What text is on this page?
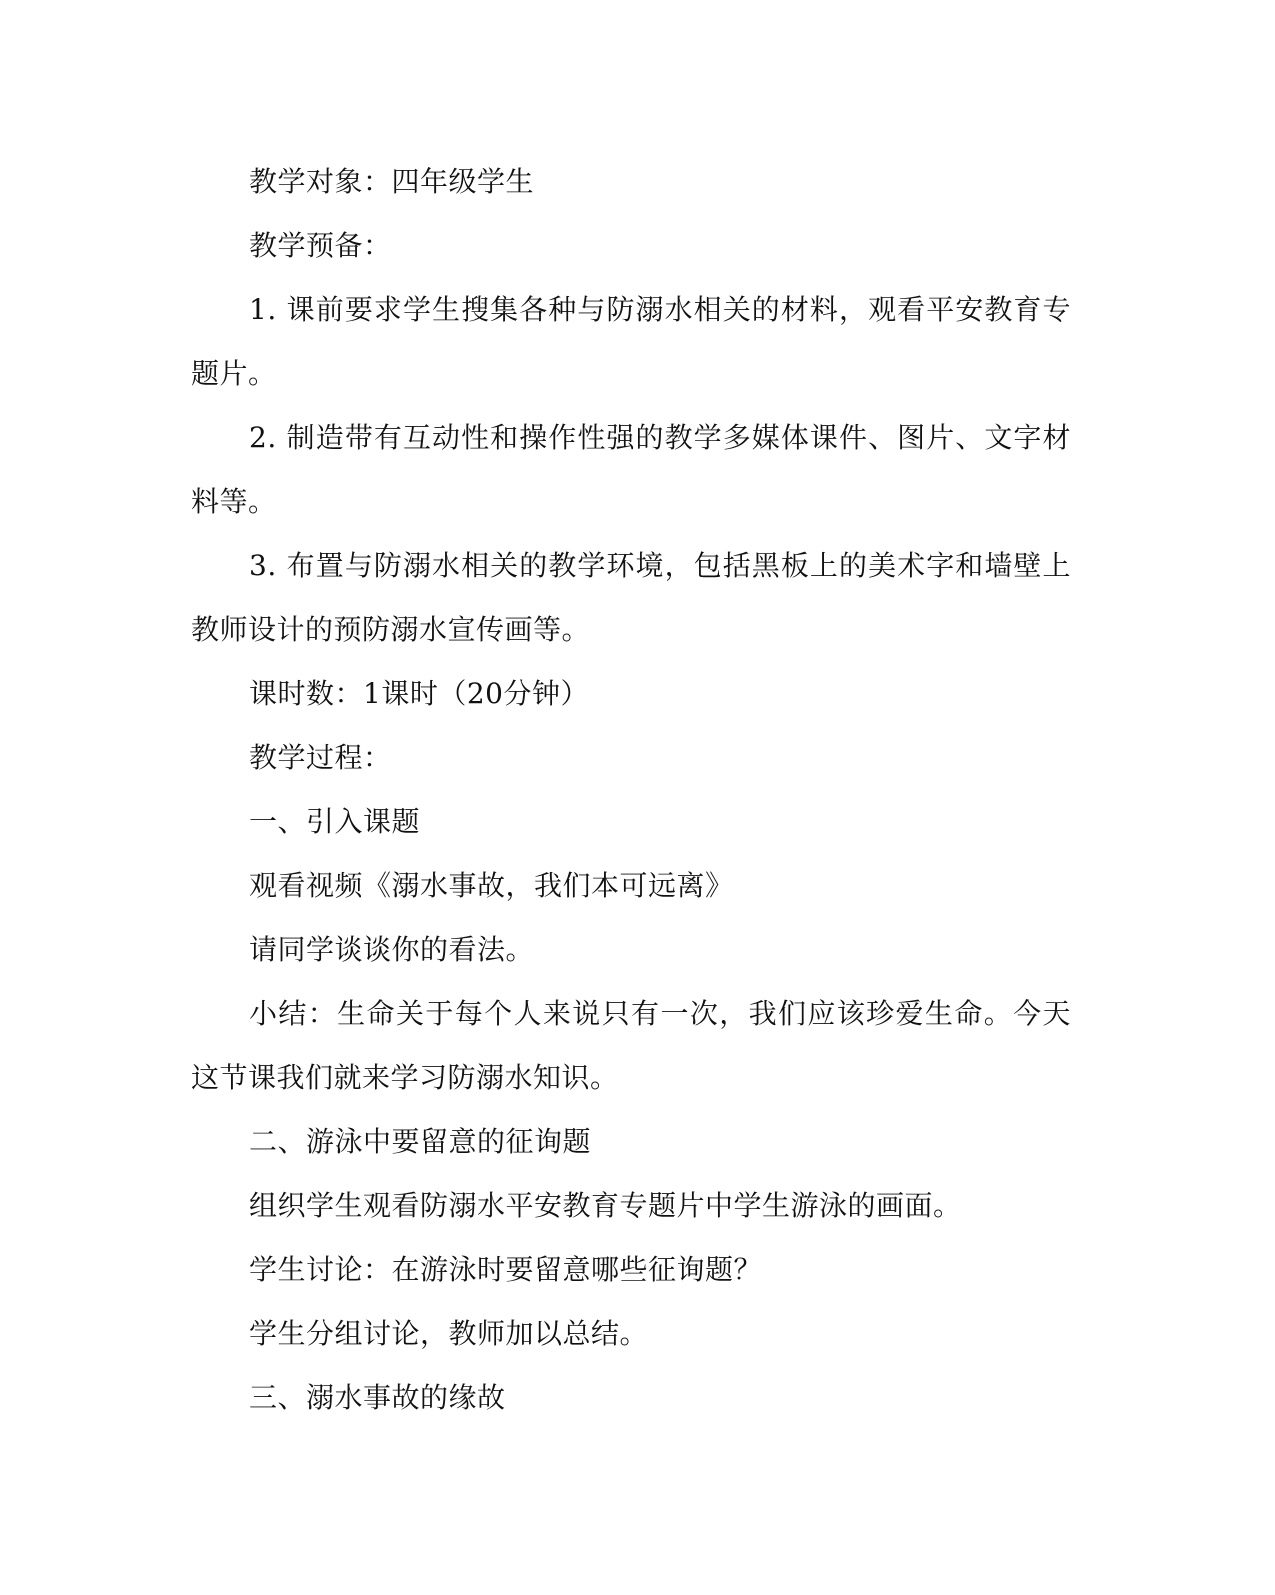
教学对象：四年级学生

教学预备：

1. 课前要求学生搜集各种与防溺水相关的材料，观看平安教育专题片。

2. 制造带有互动性和操作性强的教学多媒体课件、图片、文字材料等。

3. 布置与防溺水相关的教学环境，包括黑板上的美术字和墙壁上教师设计的预防溺水宣传画等。

课时数：1课时（20分钟）

教学过程：

一、引入课题

观看视频《溺水事故，我们本可远离》

请同学谈谈你的看法。

小结：生命关于每个人来说只有一次，我们应该珍爱生命。今天这节课我们就来学习防溺水知识。

二、游泳中要留意的征询题

组织学生观看防溺水平安教育专题片中学生游泳的画面。

学生讨论：在游泳时要留意哪些征询题？

学生分组讨论，教师加以总结。

三、溺水事故的缘故
